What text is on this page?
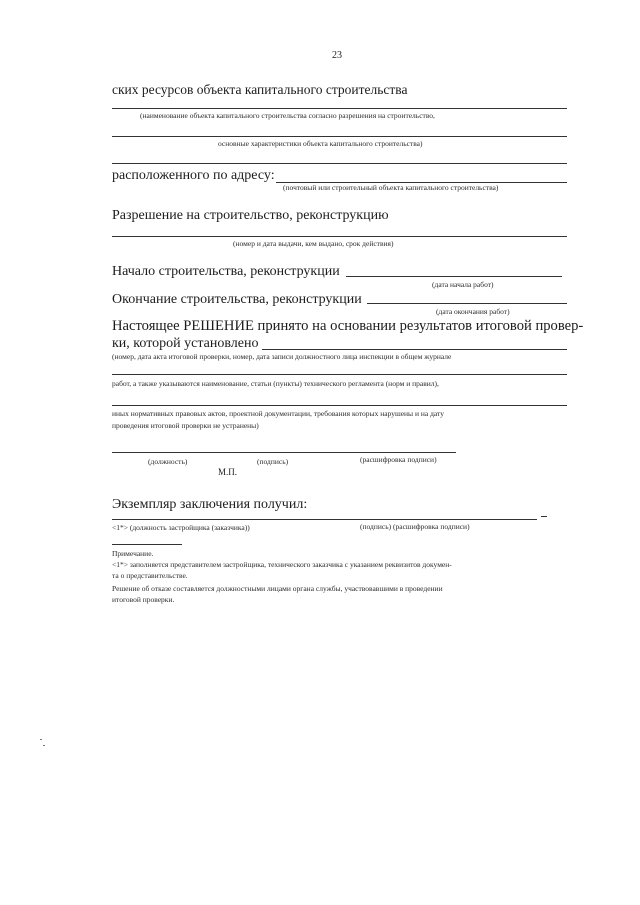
23
ских ресурсов объекта капитального строительства
(наименование объекта капитального строительства согласно разрешения на строительство,
основные характеристики объекта капитального строительства)
расположенного по адресу:
(почтовый или строительный объекта капитального строительства)
Разрешение на строительство, реконструкцию
(номер и дата выдачи, кем выдано, срок действия)
Начало строительства, реконструкции
(дата начала работ)
Окончание строительства, реконструкции
(дата окончания работ)
Настоящее РЕШЕНИЕ принято на основании результатов итоговой провер-
ки, которой установлено
(номер, дата акта итоговой проверки, номер, дата записи должностного лица инспекции в общем журнале
работ, а также указываются наименование, статьи (пункты) технического регламента (норм и правил),
иных нормативных правовых актов, проектной документации, требования которых нарушены и на дату
проведения итоговой проверки не устранены)
(должность)	(подпись)	(расшифровка подписи)
М.П.
Экземпляр заключения получил:
<1*> (должность застройщика (заказчика))	(подпись) (расшифровка подписи)
Примечание.
<1*> заполняется представителем застройщика, технического заказчика с указанием реквизитов докумен-
та о представительстве.
Решение об отказе составляется должностными лицами органа службы, участвовавшими в проведении
итоговой проверки.
